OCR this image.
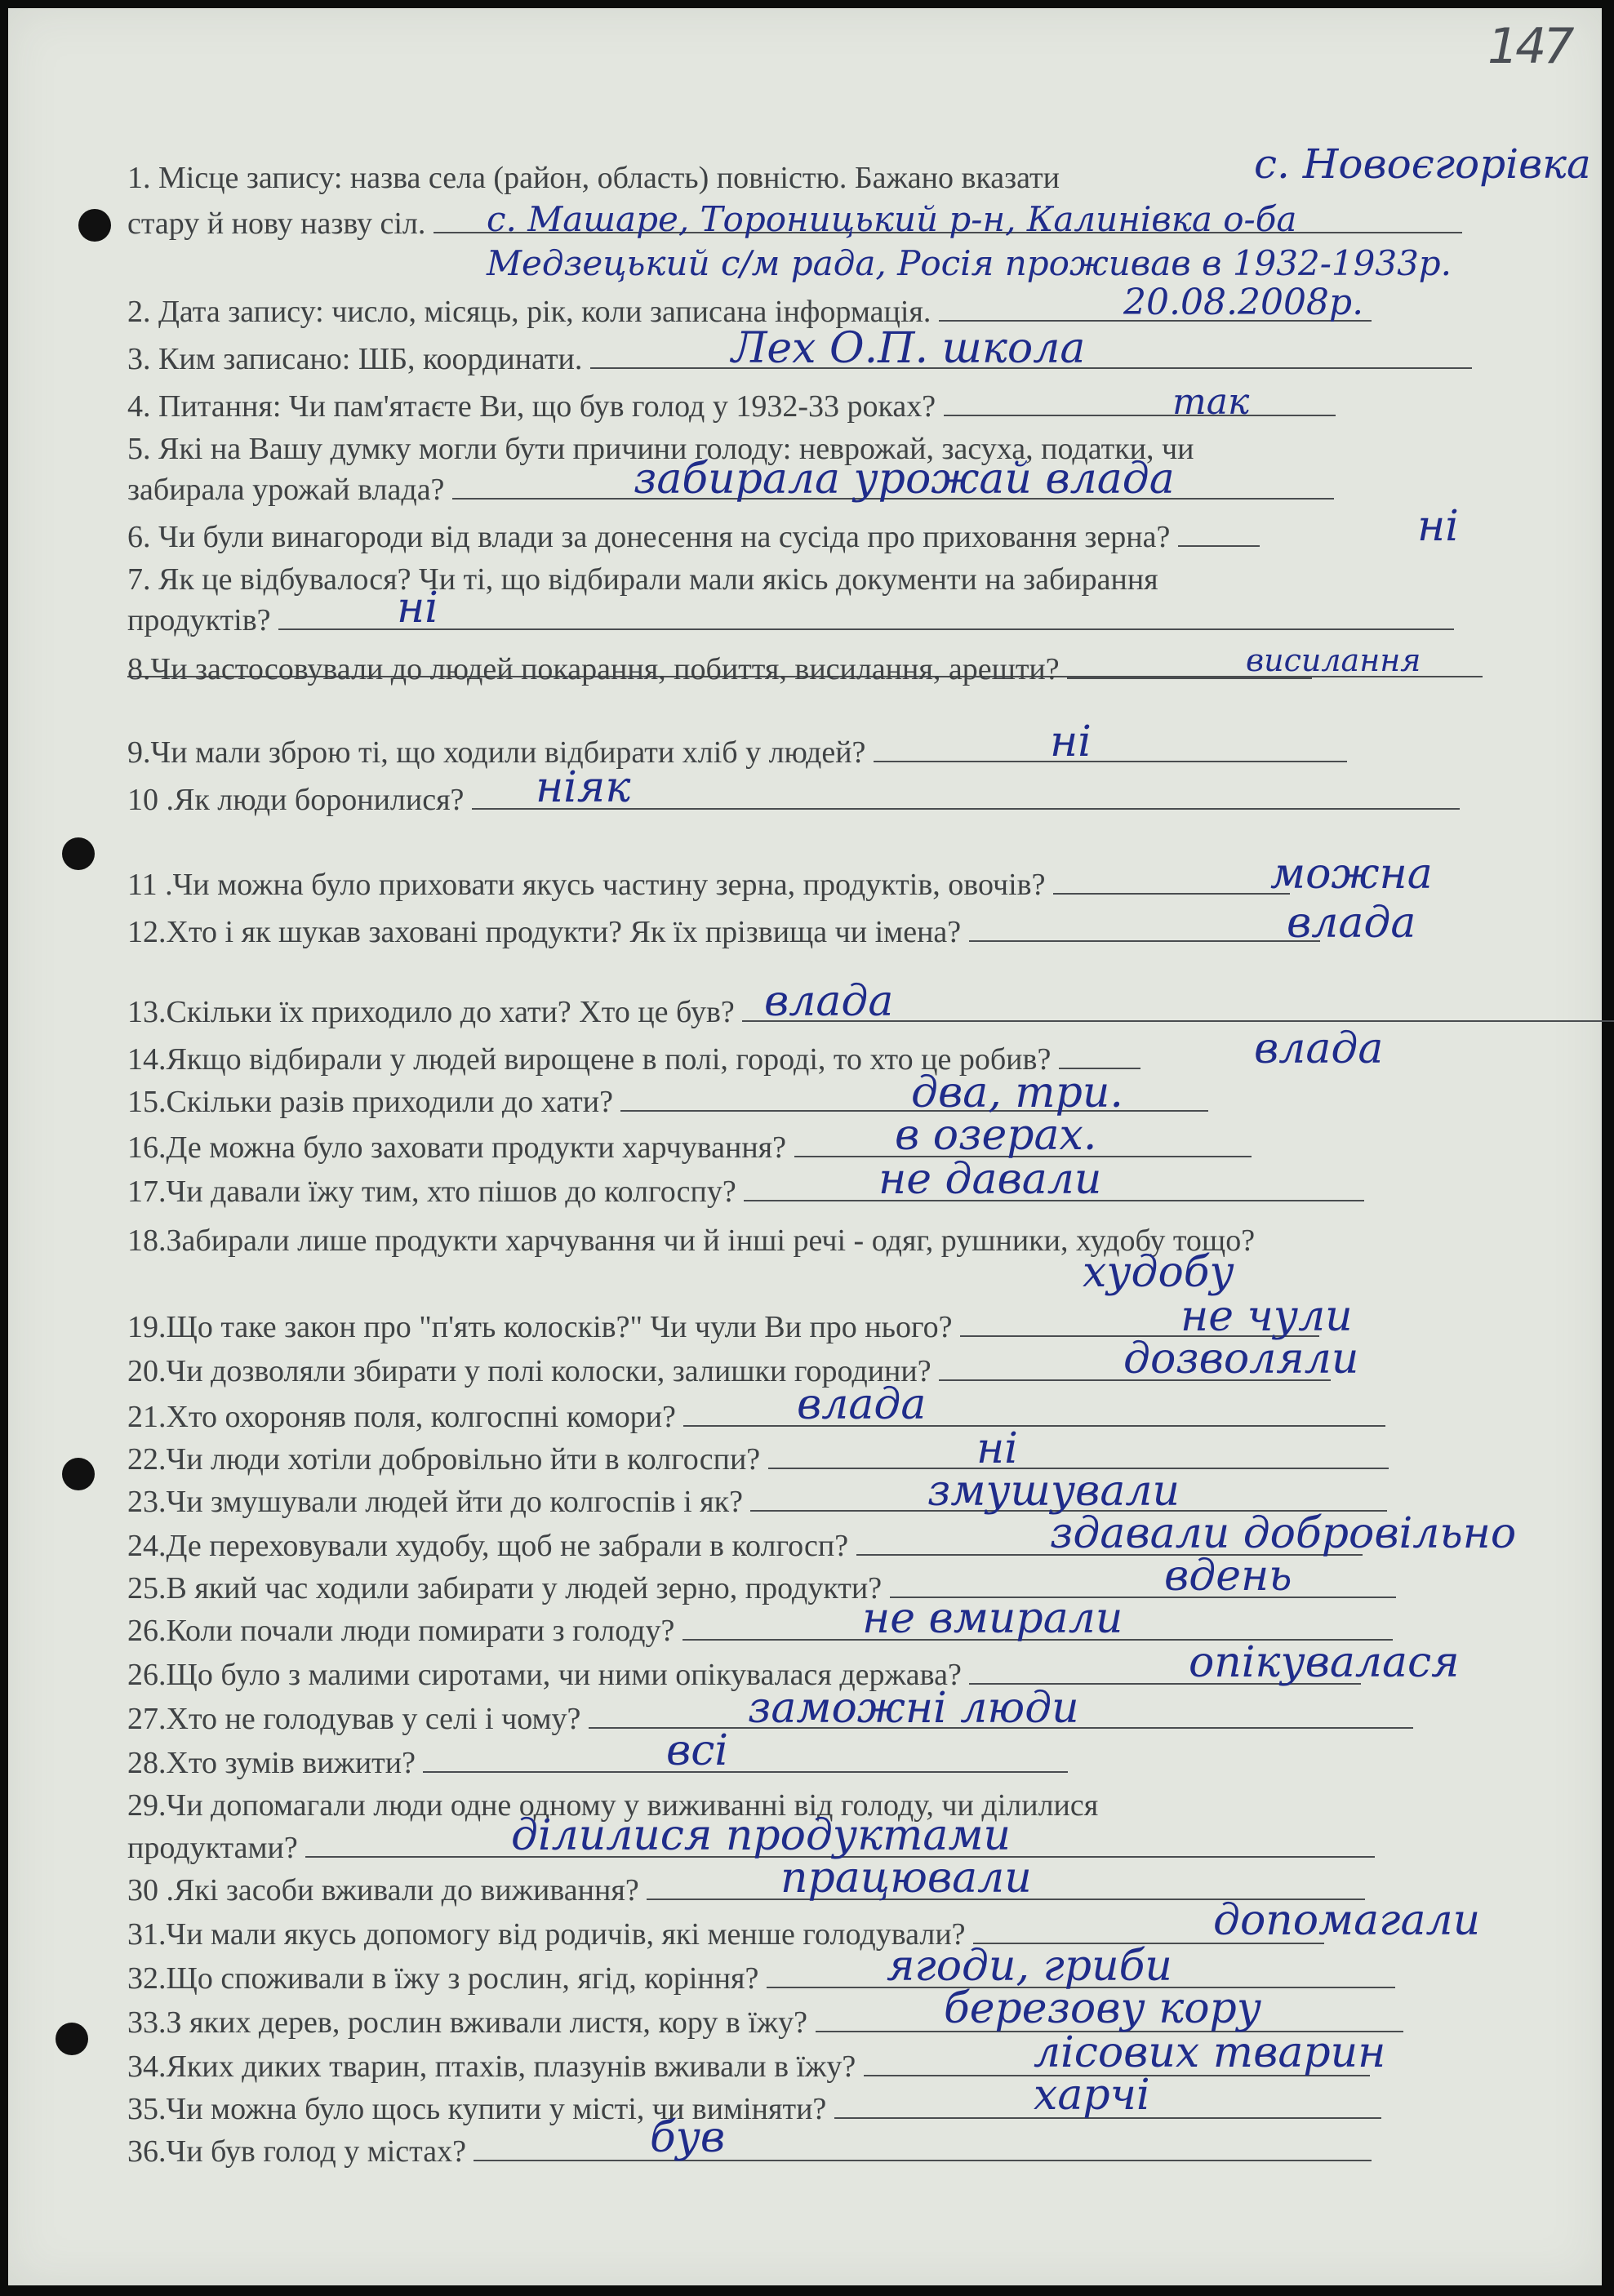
147
1. Місце запису: назва села (район, область) повністю. Бажано вказати	с. Новоєгорівка
стару й нову назву сіл. с. Машаре, Тороницький р-н, Калинівка о-ба
Медзецький с/м рада, Росія проживав в 1932-1933р.
2. Дата запису: число, місяць, рік, коли записана інформація.	20.08.2008р.
3. Ким записано: ШБ, координати.	Лех О.П. школа
4. Питання: Чи пам'ятаєте Ви, що був голод у 1932-33 роках?	так
5. Які на Вашу думку могли бути причини голоду: неврожай, засуха, податки, чи
забирала урожай влада?	забирала урожай влада
6. Чи були винагороди від влади за донесення на сусіда про приховання зерна?	ні
7. Як це відбувалося? Чи ті, що відбирали мали якісь документи на забирання
продуктів?	ні
8.Чи застосовували до людей покарання, побиття, висилання, арешти?	висилання
9.Чи мали зброю ті, що ходили відбирати хліб у людей?	ні
10 .Як люди боронилися? ніяк
11 .Чи можна було приховати якусь частину зерна, продуктів, овочів?	можна
12.Хто і як шукав заховані продукти? Як їх прізвища чи імена?	влада
13.Скільки їх приходило до хати? Хто це був? влада
14.Якщо відбирали у людей вирощене в полі, городі, то хто це робив?	влада
15.Скільки разів приходили до хати?	два, три.
16.Де можна було заховати продукти харчування?	в озерах.
17.Чи давали їжу тим, хто пішов до колгоспу?	не давали
18.Забирали лише продукти харчування чи й інші речі - одяг, рушники, худобу тощо?
худобу
19.Що таке закон про "п'ять колосків?" Чи чули Ви про нього?	не чули
20.Чи дозволяли збирати у полі колоски, залишки городини?	дозволяли
21.Хто охороняв поля, колгоспні комори?	влада
22.Чи люди хотіли добровільно йти в колгоспи?	ні
23.Чи змушували людей йти до колгоспів і як?	змушували
24.Де переховували худобу, щоб не забрали в колгосп?	здавали добровільно
25.В який час ходили забирати у людей зерно, продукти?	вдень
26.Коли почали люди помирати з голоду?	не вмирали
26.Що було з малими сиротами, чи ними опікувалася держава?	опікувалася
27.Хто не голодував у селі і чому?	заможні люди
28.Хто зумів вижити?	всі
29.Чи допомагали люди одне одному у виживанні від голоду, чи ділилися
продуктами?	ділилися продуктами
30 .Які засоби вживали до виживання?	працювали
31.Чи мали якусь допомогу від родичів, які менше голодували?	допомагали
32.Що споживали в їжу з рослин, ягід, коріння?	ягоди, гриби
33.З яких дерев, рослин вживали листя, кору в їжу?	березову кору
34.Яких диких тварин, птахів, плазунів вживали в їжу?	лісових тварин
35.Чи можна було щось купити у місті, чи виміняти?	харчі
36.Чи був голод у містах?	був
